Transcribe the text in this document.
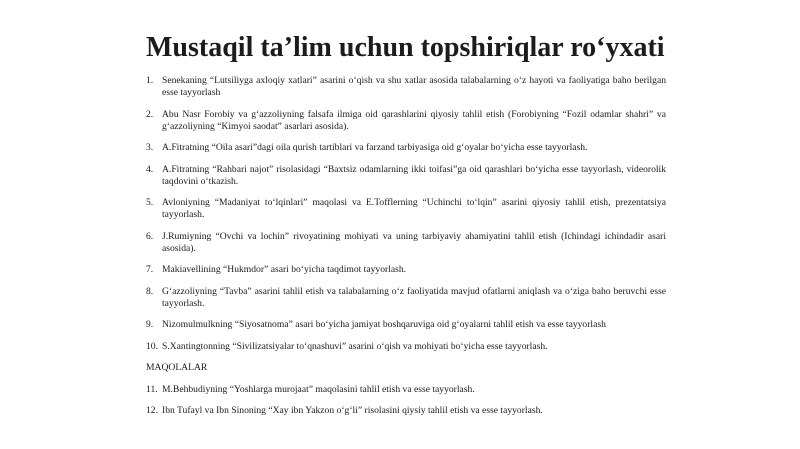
Mustaqil ta’lim uchun topshiriqlar ro‘yxati
1. Senekaning “Lutsiliyga axloqiy xatlari” asarini o‘qish va shu xatlar asosida talabalarning o‘z hayoti va faoliyatiga baho berilgan esse tayyorlash
2. Abu Nasr Forobiy va g‘azzoliyning falsafa ilmiga oid qarashlarini qiyosiy tahlil etish (Forobiyning “Fozil odamlar shahri” va g‘azzoliyning “Kimyoi saodat” asarlari asosida).
3. A.Fitratning “Oila asari”dagi oila qurish tartiblari va farzand tarbiyasiga oid g‘oyalar bo‘yicha esse tayyorlash.
4. A.Fitratning “Rahbari najot” risolasidagi “Baxtsiz odamlarning ikki toifasi”ga oid qarashlari bo‘yicha esse tayyorlash, videorolik taqdovini o‘tkazish.
5. Avloniyning “Madaniyat to‘lqinlari” maqolasi va E.Tofflerning “Uchinchi to‘lqin” asarini qiyosiy tahlil etish, prezentatsiya tayyorlash.
6. J.Rumiyning “Ovchi va lochin” rivoyatining mohiyati va uning tarbiyaviy ahamiyatini tahlil etish (Ichindagi ichindadir asari asosida).
7. Makiavellining “Hukmdor” asari bo‘yicha taqdimot tayyorlash.
8. G‘azzoliyning “Tavba” asarini tahlil etish va talabalarning o‘z faoliyatida mavjud ofatlarni aniqlash va o‘ziga baho beruvchi esse tayyorlash.
9. Nizomulmulkning “Siyosatnoma” asari bo‘yicha jamiyat boshqaruviga oid g‘oyalarni tahlil etish va esse tayyorlash
10. S.Xantingtonning “Sivilizatsiyalar to‘qnashuvi” asarini o‘qish va mohiyati bo‘yicha esse tayyorlash.
MAQOLALAR
11. M.Behbudiyning “Yoshlarga murojaat” maqolasini tahlil etish va esse tayyorlash.
12. Ibn Tufayl va Ibn Sinoning “Xay ibn Yakzon o‘g‘li” risolasini qiysiy tahlil etish va esse tayyorlash.
